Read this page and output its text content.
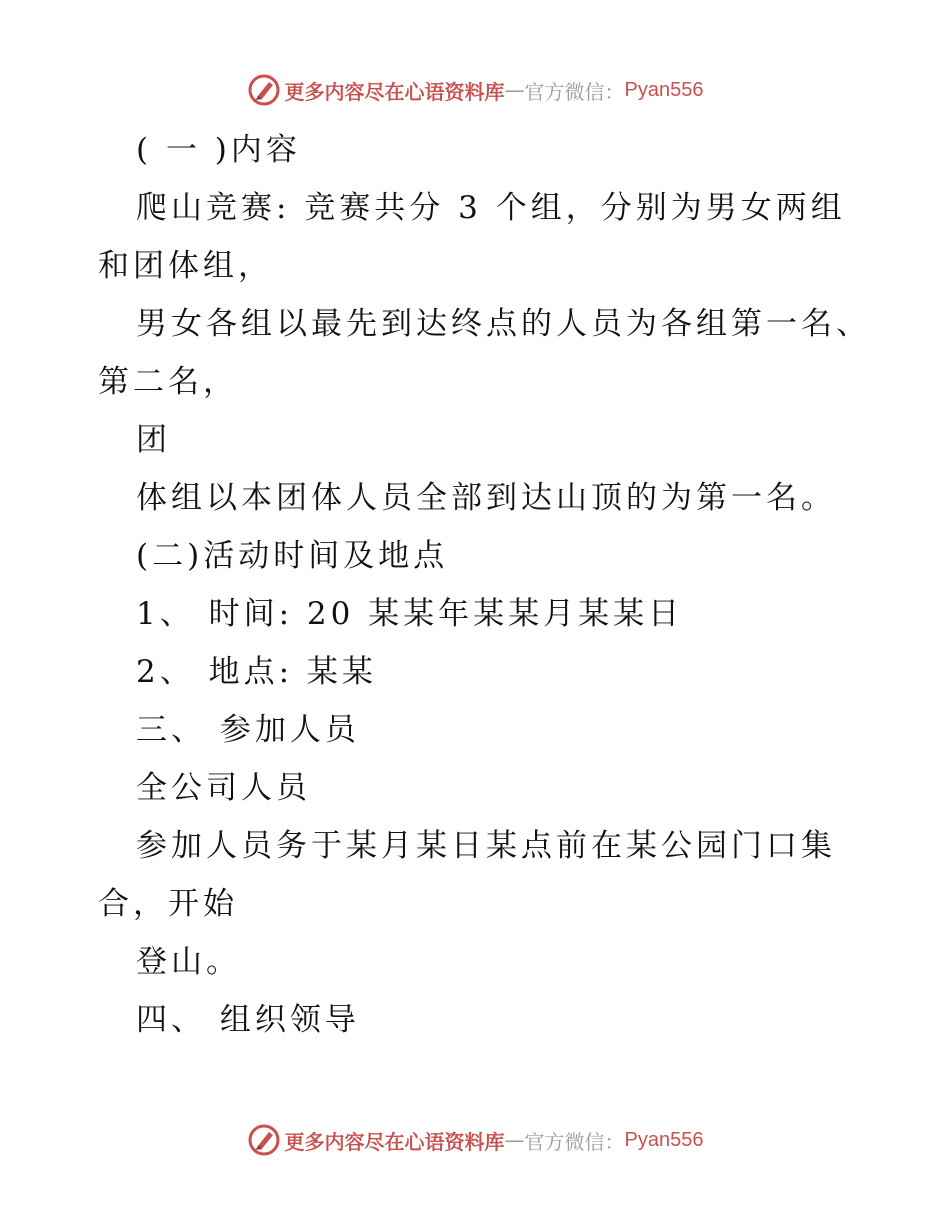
更多内容尽在心语资料库 — 官方微信： Pyan556
( 一 )内容
爬山竞赛: 竞赛共分 3 个组，分别为男女两组
和团体组，
男女各组以最先到达终点的人员为各组第一名、
第二名，
团
体组以本团体人员全部到达山顶的为第一名。
(二)活动时间及地点
1、 时间: 20 某某年某某月某某日
2、 地点: 某某
三、 参加人员
全公司人员
参加人员务于某月某日某点前在某公园门口集
合，开始
登山。
四、 组织领导
更多内容尽在心语资料库 — 官方微信： Pyan556
